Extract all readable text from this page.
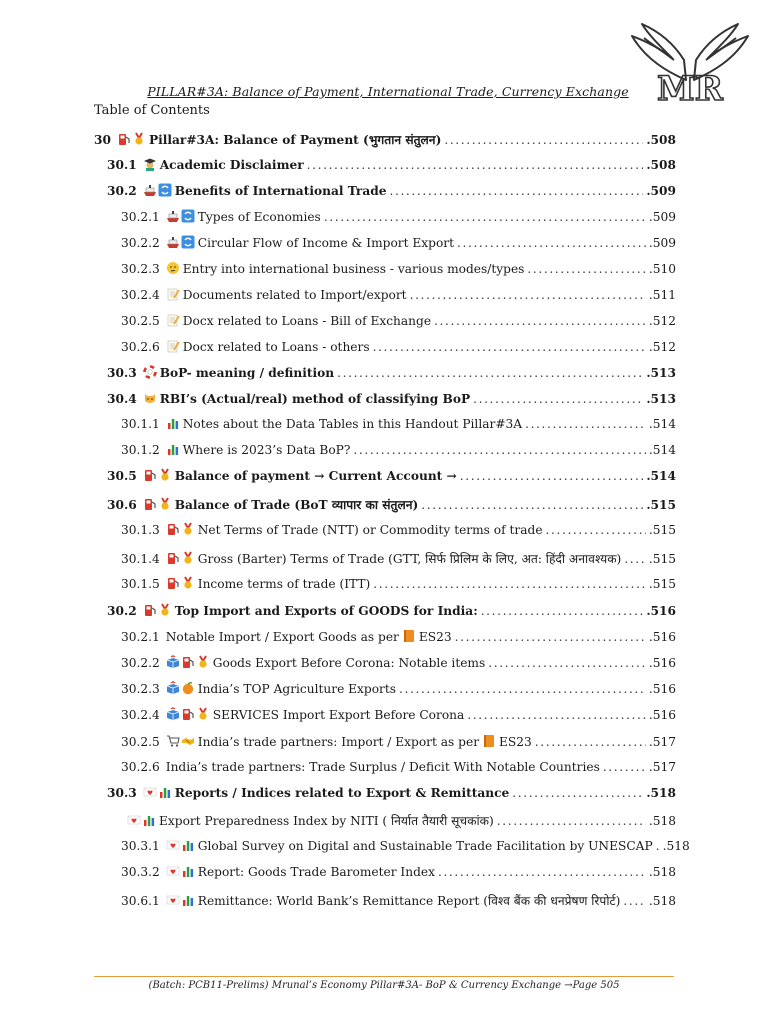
MR
PILLAR#3A: Balance of Payment, International Trade, Currency Exchange
Table of Contents
30	Pillar#3A: Balance of Payment (भुगतान संतुलन) .....	.508
30.1	Academic Disclaimer .....	.508
30.2	Benefits of International Trade .....	.509
30.2.1	Types of Economies .....	.509
30.2.2	Circular Flow of Income & Import Export .....	.509
30.2.3	Entry into international business - various modes/types .....	.510
30.2.4	Documents related to Import/export .....	.511
30.2.5	Docx related to Loans - Bill of Exchange .....	.512
30.2.6	Docx related to Loans - others .....	.512
30.3	BoP- meaning / definition .....	.513
30.4	RBI’s (Actual/real) method of classifying BoP .....	.513
30.1.1	Notes about the Data Tables in this Handout Pillar#3A .....	.514
30.1.2	Where is 2023’s Data BoP? .....	.514
30.5	Balance of payment → Current Account → .....	.514
30.6	Balance of Trade (BoT व्यापार का संतुलन) .....	.515
30.1.3	Net Terms of Trade (NTT) or Commodity terms of trade .....	.515
30.1.4	Gross (Barter) Terms of Trade (GTT, सिर्फ प्रिलिम के लिए, अत: हिंदी अनावश्यक) ..... .515
30.1.5	Income terms of trade (ITT) .....	.515
30.2	Top Import and Exports of GOODS for India: .....	.516
30.2.1 Notable Import / Export Goods as per ES23 .....	.516
30.2.2	Goods Export Before Corona: Notable items .....	.516
30.2.3	India’s TOP Agriculture Exports .....	.516
30.2.4	SERVICES Import Export Before Corona .....	.516
30.2.5	India’s trade partners: Import / Export as per ES23 .....	.517
30.2.6 India’s trade partners: Trade Surplus / Deficit With Notable Countries .....	.517
30.3	Reports / Indices related to Export & Remittance .....	.518
Export Preparedness Index by NITI ( निर्यात तैयारी सूचकांक) .....	.518
30.3.1	Global Survey on Digital and Sustainable Trade Facilitation by UNESCAP ..... .518
30.3.2	Report: Goods Trade Barometer Index .....	.518
30.6.1	Remittance: World Bank’s Remittance Report (विश्व बैंक की धनप्रेषण रिपोर्ट) ..... .518
(Batch: PCB11-Prelims) Mrunal’s Economy Pillar#3A- BoP & Currency Exchange →Page 505
